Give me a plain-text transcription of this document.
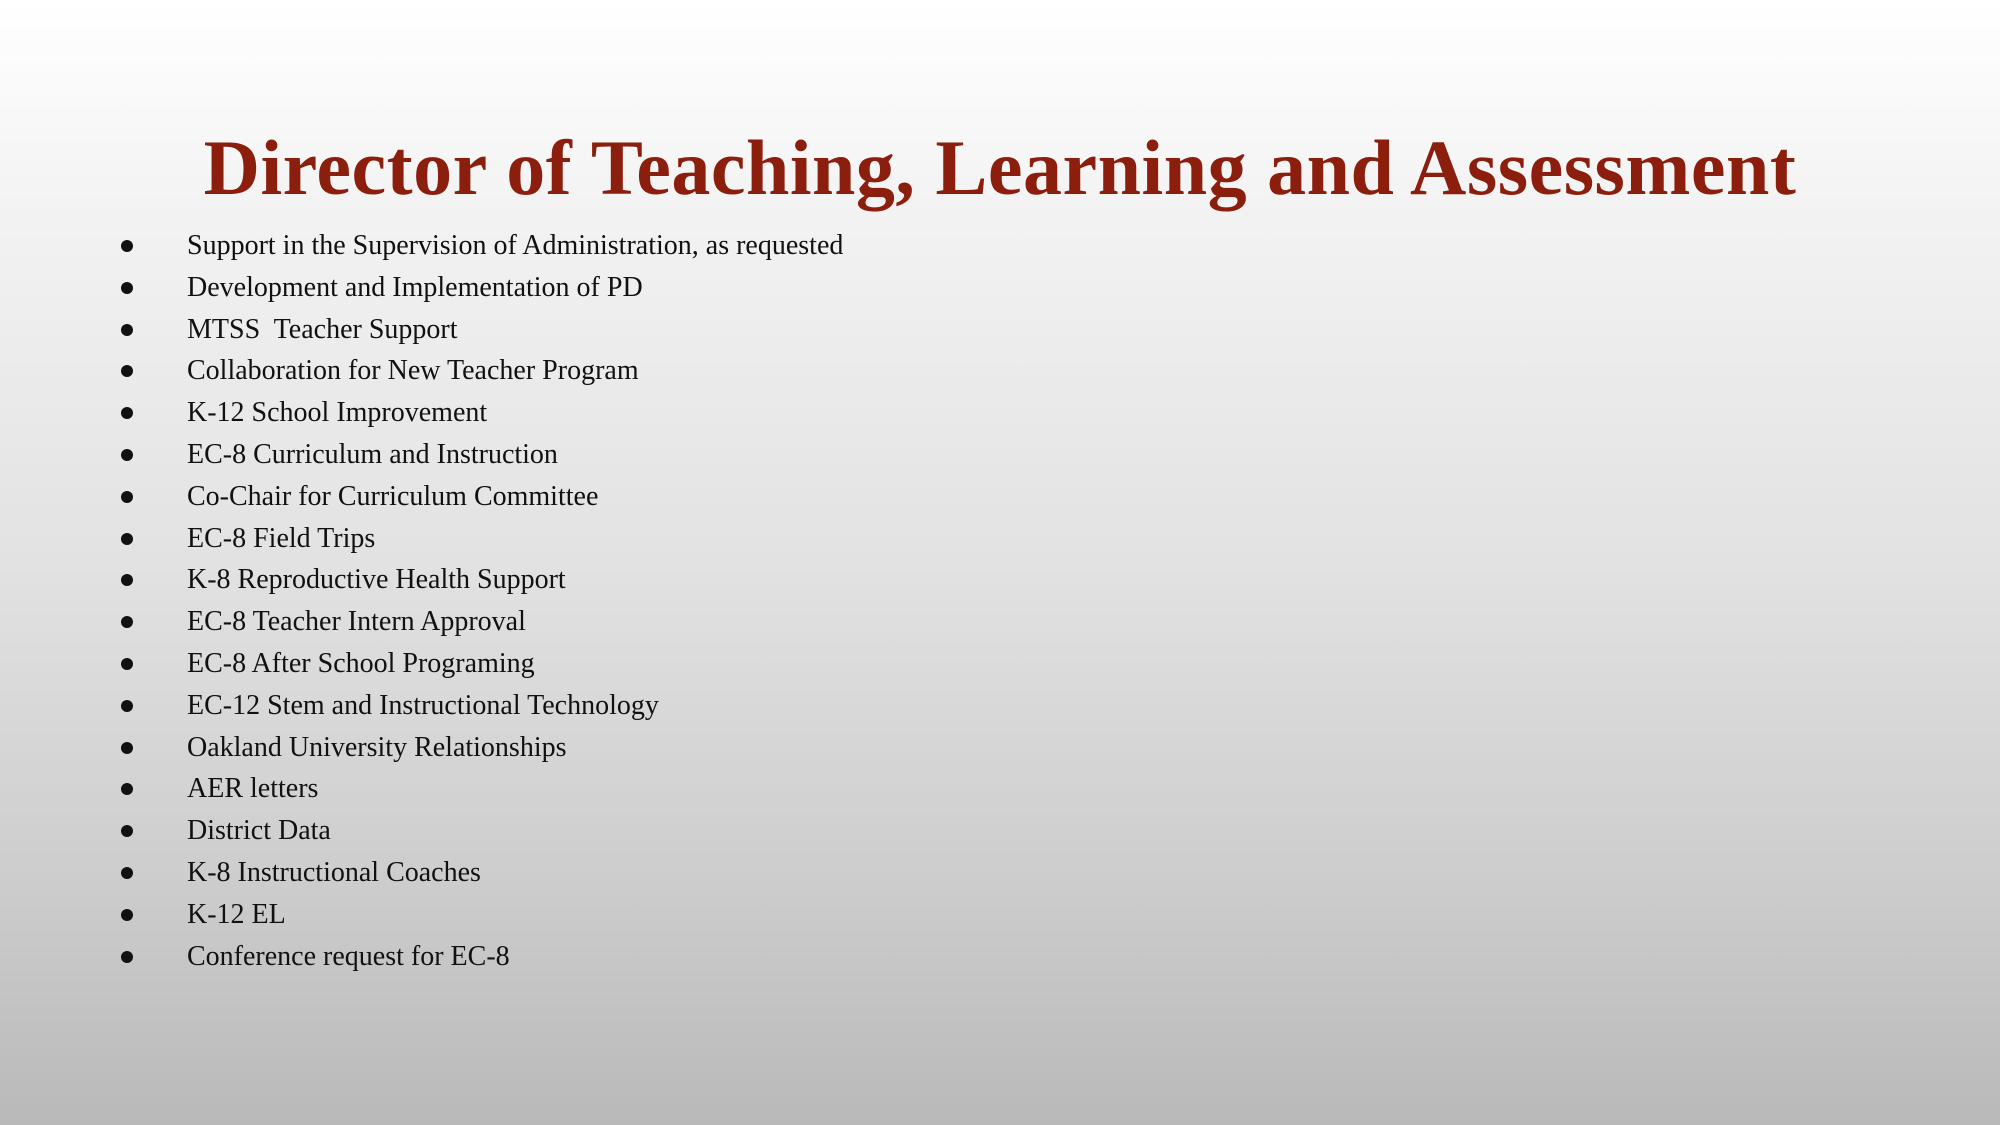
Director of Teaching, Learning and Assessment
Support in the Supervision of Administration, as requested
Development and Implementation of PD
MTSS  Teacher Support
Collaboration for New Teacher Program
K-12 School Improvement
EC-8 Curriculum and Instruction
Co-Chair for Curriculum Committee
EC-8 Field Trips
K-8 Reproductive Health Support
EC-8 Teacher Intern Approval
EC-8 After School Programing
EC-12 Stem and Instructional Technology
Oakland University Relationships
AER letters
District Data
K-8 Instructional Coaches
K-12 EL
Conference request for EC-8
